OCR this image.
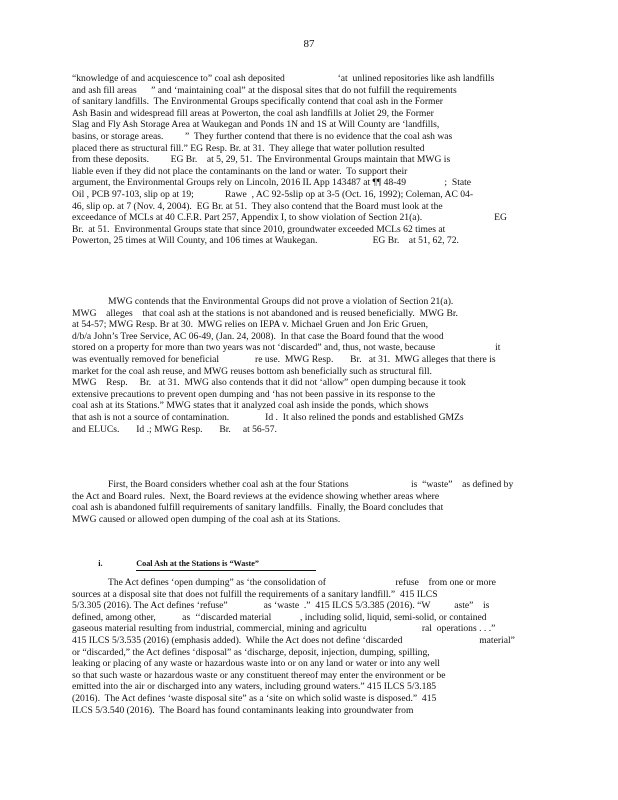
87
“knowledge of and acquiescence to” coal ash deposited                      ‘at  unlined repositories like ash landfills
and ash fill areas      ” and ‘maintaining coal” at the disposal sites that do not fulfill the requirements
of sanitary landfills.  The Environmental Groups specifically contend that coal ash in the Former
Ash Basin and widespread fill areas at Powerton, the coal ash landfills at Joliet 29, the Former
Slag and Fly Ash Storage Area at Waukegan and Ponds 1N and 1S at Will County are ‘landfills,
basins, or storage areas.         ”  They further contend that there is no evidence that the coal ash was
placed there as structural fill.” EG Resp. Br. at 31.  They allege that water pollution resulted
from these deposits.         EG Br.    at 5, 29, 51.  The Environmental Groups maintain that MWG is
liable even if they did not place the contaminants on the land or water.  To support their
argument, the Environmental Groups rely on Lincoln, 2016 IL App 143487 at ¶¶ 48-49                ;  State
Oil , PCB 97-103, slip op at 19;             Rawe  , AC 92-5slip op at 3-5 (Oct. 16, 1992); Coleman, AC 04-
46, slip op. at 7 (Nov. 4, 2004).  EG Br. at 51.  They also contend that the Board must look at the
exceedance of MCLs at 40 C.F.R. Part 257, Appendix I, to show violation of Section 21(a).                              EG
Br.  at 51.  Environmental Groups state that since 2010, groundwater exceeded MCLs 62 times at
Powerton, 25 times at Will County, and 106 times at Waukegan.                       EG Br.    at 51, 62, 72.
MWG contends that the Environmental Groups did not prove a violation of Section 21(a).
MWG    alleges    that coal ash at the stations is not abandoned and is reused beneficially.  MWG Br.
at 54-57; MWG Resp. Br at 30.  MWG relies on IEPA v. Michael Gruen and Jon Eric Gruen,
d/b/a John’s Tree Service, AC 06-49, (Jan. 24, 2008).  In that case the Board found that the wood
stored on a property for more than two years was not ‘discarded” and, thus, not waste, because                         it
was eventually removed for beneficial               re use.  MWG Resp.       Br.   at 31.  MWG alleges that there is
market for the coal ash reuse, and MWG reuses bottom ash beneficially such as structural fill.
MWG    Resp.     Br.   at 31.  MWG also contends that it did not ‘allow” open dumping because it took
extensive precautions to prevent open dumping and ‘has not been passive in its response to the
coal ash at its Stations.” MWG states that it analyzed coal ash inside the ponds, which shows
that ash is not a source of contamination.               Id .  It also relined the ponds and established GMZs
and ELUCs.       Id .; MWG Resp.       Br.     at 56-57.
First, the Board considers whether coal ash at the four Stations                          is  “waste”    as defined by
the Act and Board rules.  Next, the Board reviews at the evidence showing whether areas where
coal ash is abandoned fulfill requirements of sanitary landfills.  Finally, the Board concludes that
MWG caused or allowed open dumping of the coal ash at its Stations.

i.	Coal Ash at the Stations is “Waste”

The Act defines ‘open dumping” as ‘the consolidation of                             refuse    from one or more
sources at a disposal site that does not fulfill the requirements of a sanitary landfill.”  415 ILCS
5/3.305 (2016). The Act defines ‘refuse”               as ‘waste  .”  415 ILCS 5/3.385 (2016). “W          aste”    is
defined, among other,           as  ‘‘discarded material            , including solid, liquid, semi-solid, or contained
gaseous material resulting from industrial, commercial, mining and agricultu                       ral  operations . . .”
415 ILCS 5/3.535 (2016) (emphasis added).  While the Act does not define ‘discarded                                material”
or “discarded,” the Act defines ‘disposal” as ‘discharge, deposit, injection, dumping, spilling,
leaking or placing of any waste or hazardous waste into or on any land or water or into any well
so that such waste or hazardous waste or any constituent thereof may enter the environment or be
emitted into the air or discharged into any waters, including ground waters.” 415 ILCS 5/3.185
(2016).  The Act defines ‘waste disposal site” as a ‘site on which solid waste is disposed.”  415
ILCS 5/3.540 (2016).  The Board has found contaminants leaking into groundwater from
